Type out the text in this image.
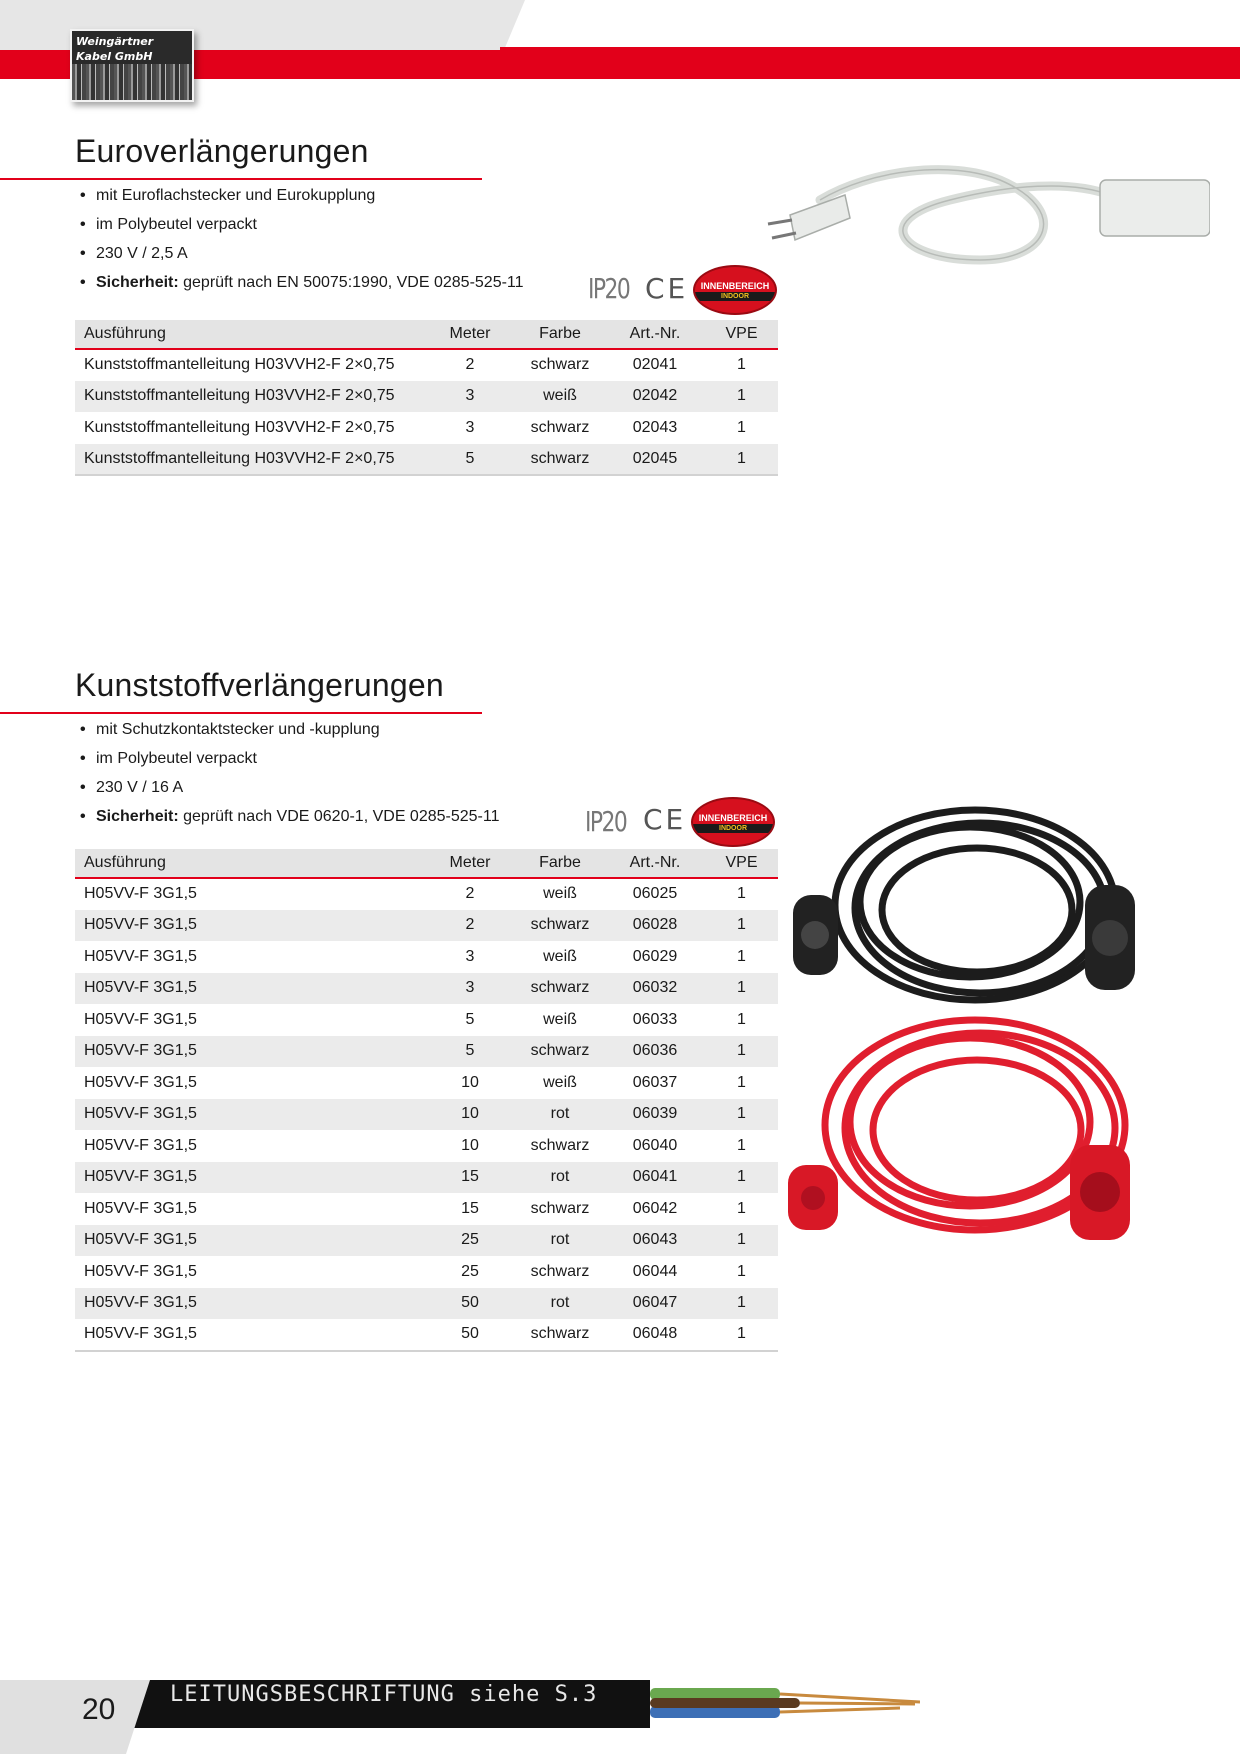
Weingärtner
Kabel GmbH
Euroverlängerungen
• mit Euroflachstecker und Eurokupplung
• im Polybeutel verpackt
• 230 V / 2,5 A
• Sicherheit: geprüft nach EN 50075:1990, VDE 0285-525-11 IP20 CE	INNENBEREICH
INDOOR
Ausführung	Meter	Farbe	Art.-Nr.	VPE
Kunststoffmantelleitung H03VVH2-F 2×0,75	2	schwarz	02041	1
Kunststoffmantelleitung H03VVH2-F 2×0,75	3	weiß	02042	1
Kunststoffmantelleitung H03VVH2-F 2×0,75	3	schwarz	02043	1
Kunststoffmantelleitung H03VVH2-F 2×0,75	5	schwarz	02045	1
Kunststoffverlängerungen
• mit Schutzkontaktstecker und -kupplung
• im Polybeutel verpackt
• 230 V / 16 A
• Sicherheit: geprüft nach VDE 0620-1, VDE 0285-525-11	IP20 CE	INNENBEREICH
INDOOR
Ausführung	Meter	Farbe	Art.-Nr.	VPE
H05VV-F 3G1,5	2	weiß	06025	1
H05VV-F 3G1,5	2	schwarz	06028	1
H05VV-F 3G1,5	3	weiß	06029	1
H05VV-F 3G1,5	3	schwarz	06032	1
H05VV-F 3G1,5	5	weiß	06033	1
H05VV-F 3G1,5	5	schwarz	06036	1
H05VV-F 3G1,5	10	weiß	06037	1
H05VV-F 3G1,5	10	rot	06039	1
H05VV-F 3G1,5	10	schwarz	06040	1
H05VV-F 3G1,5	15	rot	06041	1
H05VV-F 3G1,5	15	schwarz	06042	1
H05VV-F 3G1,5	25	rot	06043	1
H05VV-F 3G1,5	25	schwarz	06044	1
H05VV-F 3G1,5	50	rot	06047	1
H05VV-F 3G1,5	50	schwarz	06048	1
LEITUNGSBESCHRIFTUNG siehe S.3
20
